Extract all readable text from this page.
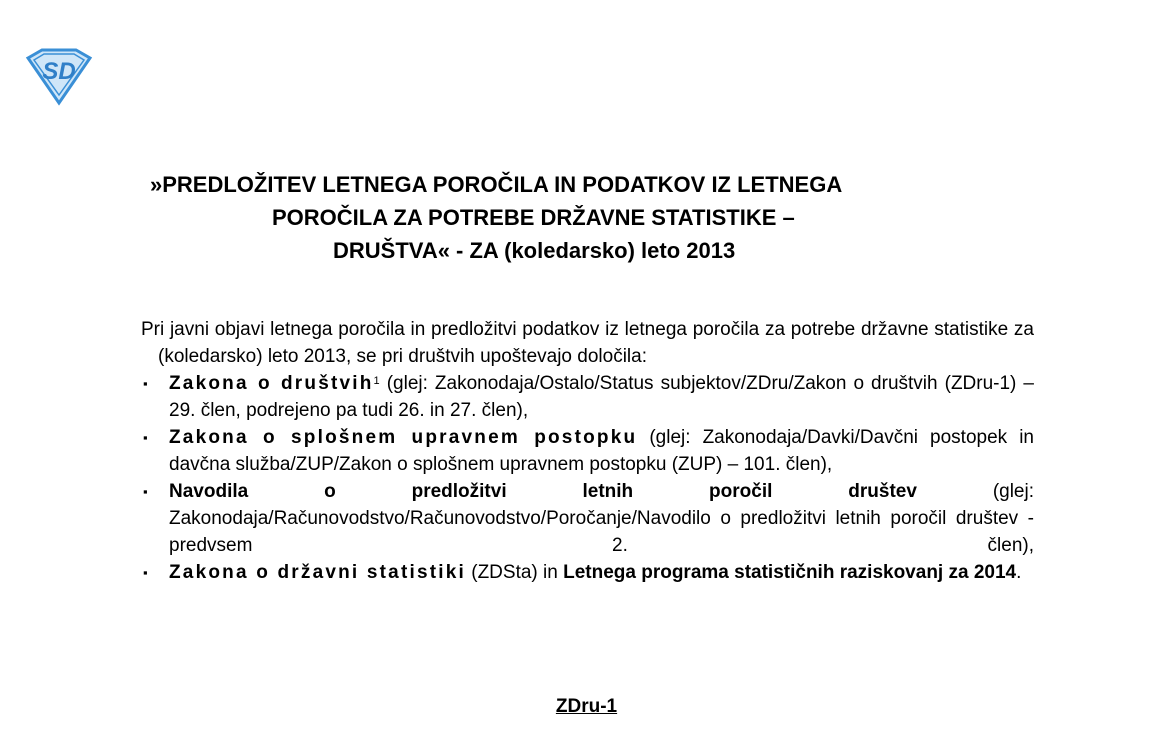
SD
»PREDLOŽITEV LETNEGA POROČILA IN PODATKOV IZ LETNEGA
POROČILA ZA POTREBE DRŽAVNE STATISTIKE –
DRUŠTVA« - ZA (koledarsko) leto 2013

Pri javni objavi letnega poročila in predložitvi podatkov iz letnega poročila za potrebe državne statistike za (koledarsko) leto 2013, se pri društvih upoštevajo določila:

▪ Zakona o društvih$^1$ (glej: Zakonodaja/Ostalo/Status subjektov/ZDru/Zakon o društvih (ZDru-1) – 29. člen, podrejeno pa tudi 26. in 27. člen),
▪ Zakona o splošnem upravnem postopku (glej: Zakonodaja/Davki/Davčni postopek in davčna služba/ZUP/Zakon o splošnem upravnem postopku (ZUP) – 101. člen),
▪ Navodila o predložitvi letnih poročil društev (glej: Zakonodaja/Računovodstvo/Računovodstvo/Poročanje/Navodilo o predložitvi letnih poročil društev - predvsem 2. člen),
▪ Zakona o državni statistiki (ZDSta) in Letnega programa statističnih raziskovanj za 2014.
ZDru-1
